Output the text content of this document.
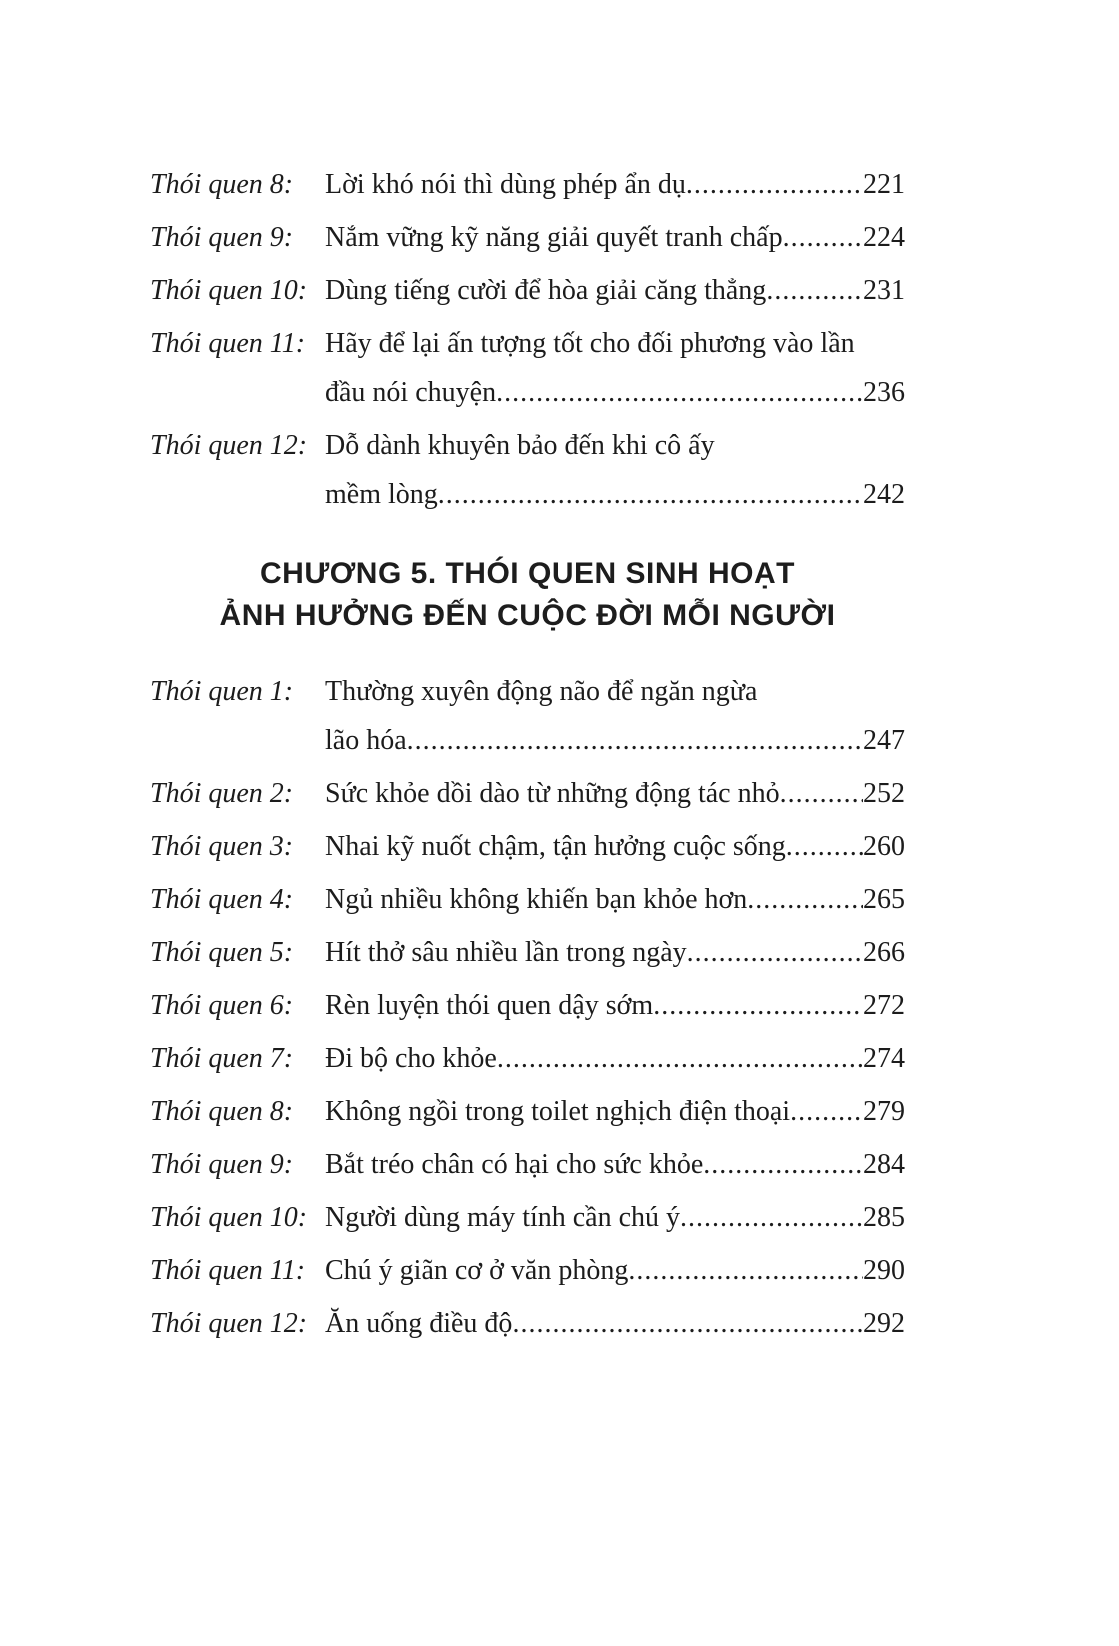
Thói quen 8:	Lời khó nói thì dùng phép ẩn dụ .....	221
Thói quen 9:	Nắm vững kỹ năng giải quyết tranh chấp .....	224
Thói quen 10: Dùng tiếng cười để hòa giải căng thẳng .....	231
Thói quen 11: Hãy để lại ấn tượng tốt cho đối phương vào lần
đầu nói chuyện .....	236
Thói quen 12: Dỗ dành khuyên bảo đến khi cô ấy
mềm lòng .....	242
CHƯƠNG 5. THÓI QUEN SINH HOẠT
ẢNH HƯỞNG ĐẾN CUỘC ĐỜI MỖI NGƯỜI
Thói quen 1:	Thường xuyên động não để ngăn ngừa
lão hóa .....	247
Thói quen 2:	Sức khỏe dồi dào từ những động tác nhỏ .....	252
Thói quen 3:	Nhai kỹ nuốt chậm, tận hưởng cuộc sống .....	260
Thói quen 4:	Ngủ nhiều không khiến bạn khỏe hơn .....	265
Thói quen 5:	Hít thở sâu nhiều lần trong ngày .....	266
Thói quen 6:	Rèn luyện thói quen dậy sớm .....	272
Thói quen 7:	Đi bộ cho khỏe .....	274
Thói quen 8:	Không ngồi trong toilet nghịch điện thoại .....	279
Thói quen 9:	Bắt tréo chân có hại cho sức khỏe .....	284
Thói quen 10: Người dùng máy tính cần chú ý .....	285
Thói quen 11: Chú ý giãn cơ ở văn phòng .....	290
Thói quen 12: Ăn uống điều độ .....	292
